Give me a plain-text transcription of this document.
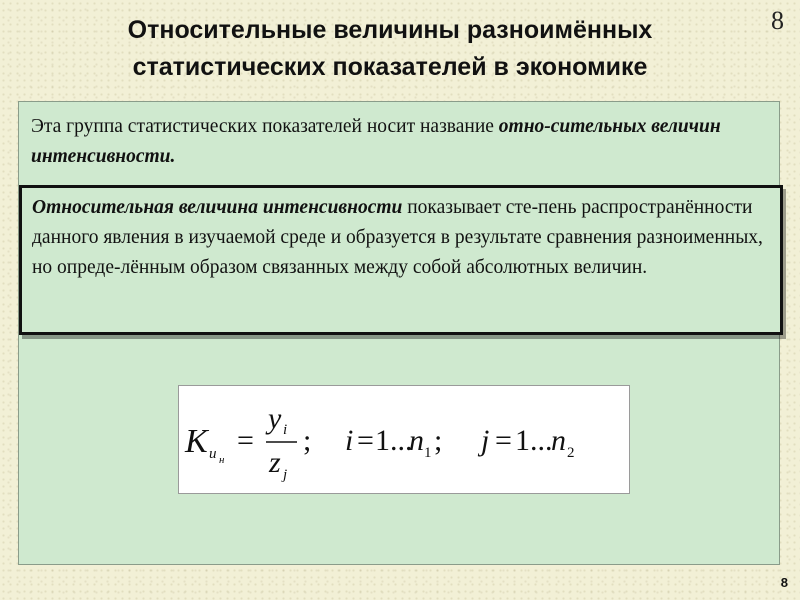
Относительные величины разноимённых
статистических показателей в экономике
8
Эта группа статистических показателей носит название отно-сительных величин интенсивности.
Относительная величина интенсивности показывает сте-пень распространённости данного явления в изучаемой среде и образуется в результате сравнения разноименных, но опреде-лённым образом связанных между собой абсолютных величин.
K и н
=
y i
z j
; i = 1...
n 1 ; j = 1...
n 2
8
